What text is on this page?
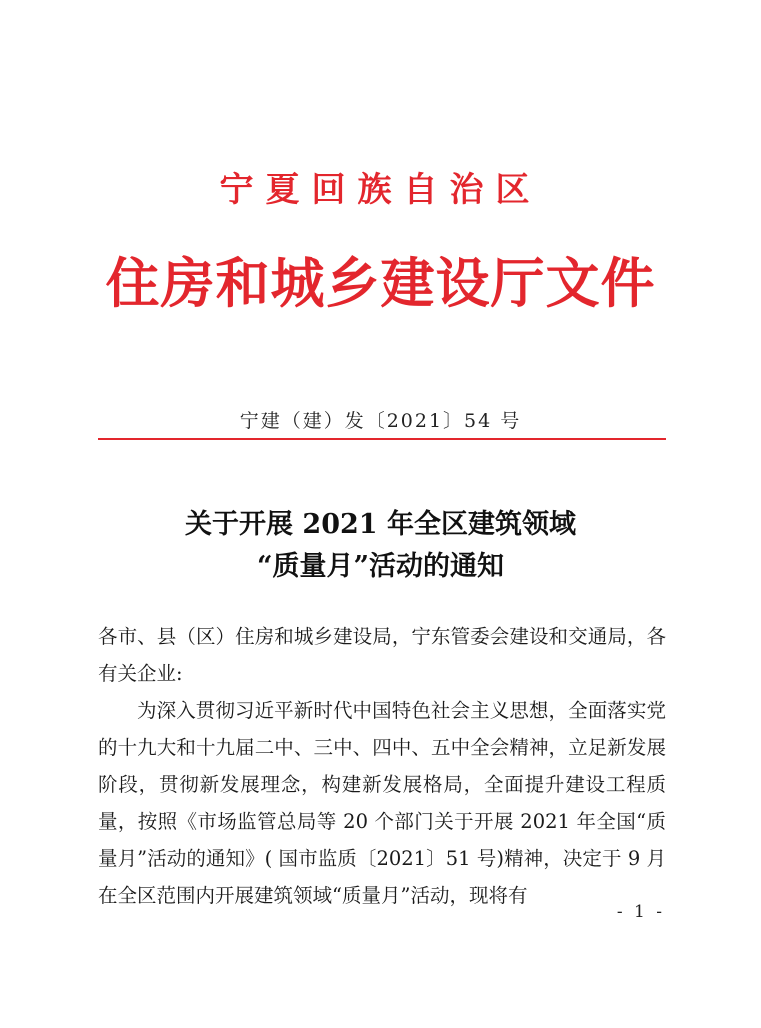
宁夏回族自治区
住房和城乡建设厅文件
宁建（建）发〔2021〕54 号
关于开展 2021 年全区建筑领域
“质量月”活动的通知

各市、县（区）住房和城乡建设局，宁东管委会建设和交通局，各有关企业:

为深入贯彻习近平新时代中国特色社会主义思想，全面落实党的十九大和十九届二中、三中、四中、五中全会精神，立足新发展阶段，贯彻新发展理念，构建新发展格局，全面提升建设工程质量，按照《市场监管总局等 20 个部门关于开展 2021 年全国“质量月”活动的通知》( 国市监质〔2021〕51 号)精神，决定于 9 月在全区范围内开展建筑领域“质量月”活动，现将有

- 1 -
